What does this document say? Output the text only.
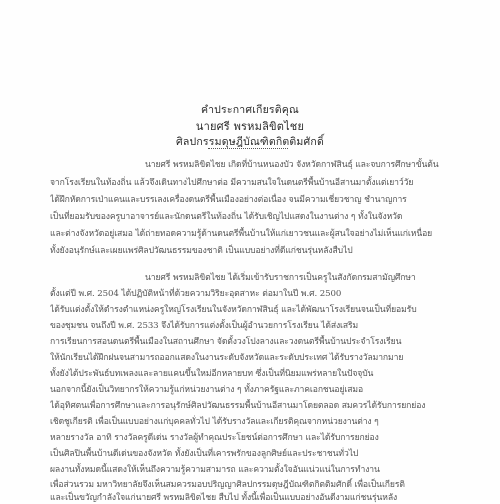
คำประกาศเกียรติคุณ
นายศรี พรหมลิขิตไชย
ศิลปกรรมดุษฎีบัณฑิตกิตติมศักดิ์
นายศรี พรหมลิขิตไชย เกิดที่บ้านหนองบัว จังหวัดกาฬสินธุ์ และจบการศึกษาขั้นต้น
จากโรงเรียนในท้องถิ่น แล้วจึงเดินทางไปศึกษาต่อ มีความสนใจในดนตรีพื้นบ้านอีสานมาตั้งแต่เยาว์วัย
ได้ฝึกหัดการเป่าแคนและบรรเลงเครื่องดนตรีพื้นเมืองอย่างต่อเนื่อง จนมีความเชี่ยวชาญ ชำนาญการ
เป็นที่ยอมรับของครูบาอาจารย์และนักดนตรีในท้องถิ่น ได้รับเชิญไปแสดงในงานต่าง ๆ ทั้งในจังหวัด
และต่างจังหวัดอยู่เสมอ ได้ถ่ายทอดความรู้ด้านดนตรีพื้นบ้านให้แก่เยาวชนและผู้สนใจอย่างไม่เห็นแก่เหนื่อย
ทั้งยังอนุรักษ์และเผยแพร่ศิลปวัฒนธรรมของชาติ เป็นแบบอย่างที่ดีแก่ชนรุ่นหลังสืบไป
นายศรี พรหมลิขิตไชย ได้เริ่มเข้ารับราชการเป็นครูในสังกัดกรมสามัญศึกษา
ตั้งแต่ปี พ.ศ. 2504 ได้ปฏิบัติหน้าที่ด้วยความวิริยะอุตสาหะ ต่อมาในปี พ.ศ. 2500
ได้รับแต่งตั้งให้ดำรงตำแหน่งครูใหญ่โรงเรียนในจังหวัดกาฬสินธุ์ และได้พัฒนาโรงเรียนจนเป็นที่ยอมรับ
ของชุมชน จนถึงปี พ.ศ. 2533 จึงได้รับการแต่งตั้งเป็นผู้อำนวยการโรงเรียน ได้ส่งเสริม
การเรียนการสอนดนตรีพื้นเมืองในสถานศึกษา จัดตั้งวงโปงลางและวงดนตรีพื้นบ้านประจำโรงเรียน
ให้นักเรียนได้ฝึกฝนจนสามารถออกแสดงในงานระดับจังหวัดและระดับประเทศ ได้รับรางวัลมากมาย
ทั้งยังได้ประพันธ์บทเพลงและลายแคนขึ้นใหม่อีกหลายบท ซึ่งเป็นที่นิยมแพร่หลายในปัจจุบัน
นอกจากนี้ยังเป็นวิทยากรให้ความรู้แก่หน่วยงานต่าง ๆ ทั้งภาครัฐและภาคเอกชนอยู่เสมอ
ได้อุทิศตนเพื่อการศึกษาและการอนุรักษ์ศิลปวัฒนธรรมพื้นบ้านอีสานมาโดยตลอด สมควรได้รับการยกย่อง
เชิดชูเกียรติ เพื่อเป็นแบบอย่างแก่บุคคลทั่วไป ได้รับรางวัลและเกียรติคุณจากหน่วยงานต่าง ๆ
หลายรางวัล อาทิ รางวัลครูดีเด่น รางวัลผู้ทำคุณประโยชน์ต่อการศึกษา และได้รับการยกย่อง
เป็นศิลปินพื้นบ้านดีเด่นของจังหวัด ทั้งยังเป็นที่เคารพรักของลูกศิษย์และประชาชนทั่วไป
ผลงานทั้งหมดนี้แสดงให้เห็นถึงความรู้ความสามารถ และความตั้งใจอันแน่วแน่ในการทำงาน
เพื่อส่วนรวม มหาวิทยาลัยจึงเห็นสมควรมอบปริญญาศิลปกรรมดุษฎีบัณฑิตกิตติมศักดิ์ เพื่อเป็นเกียรติ
และเป็นขวัญกำลังใจแก่นายศรี พรหมลิขิตไชย สืบไป ทั้งนี้เพื่อเป็นแบบอย่างอันดีงามแก่ชนรุ่นหลัง
